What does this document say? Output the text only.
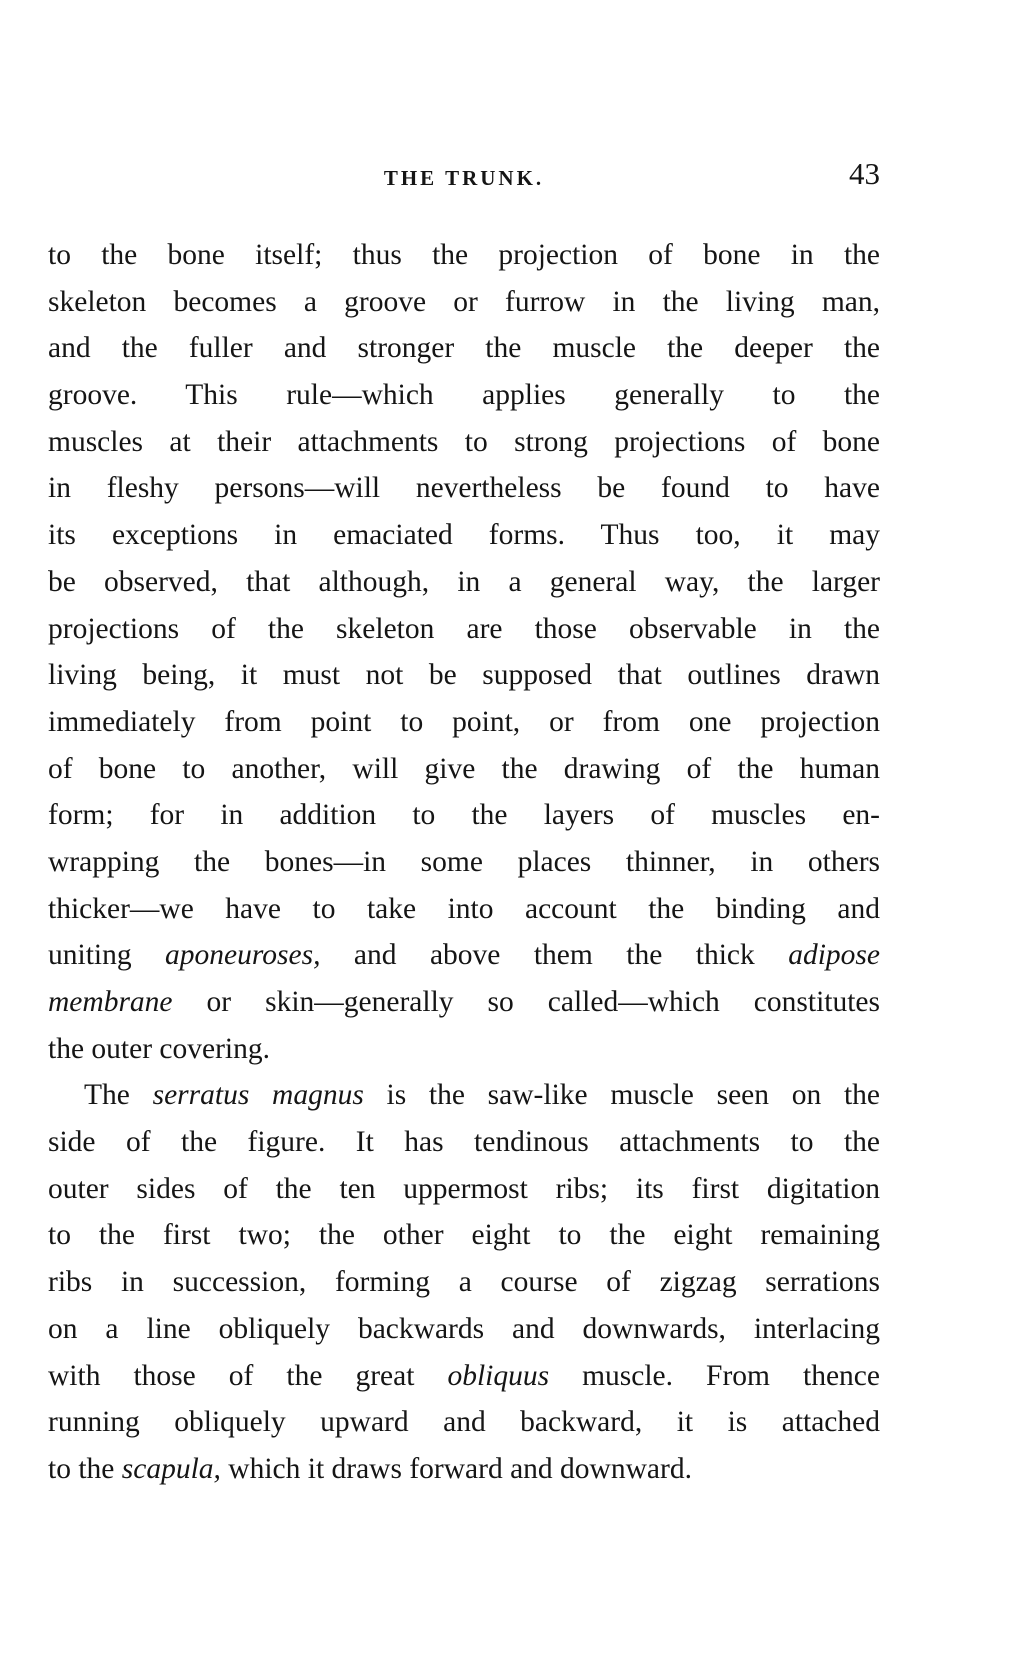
THE TRUNK.	43
to the bone itself; thus the projection of bone in the
skeleton becomes a groove or furrow in the living man,
and the fuller and stronger the muscle the deeper the
groove. This rule—which applies generally to the
muscles at their attachments to strong projections of bone
in fleshy persons—will nevertheless be found to have
its exceptions in emaciated forms. Thus too, it may
be observed, that although, in a general way, the larger
projections of the skeleton are those observable in the
living being, it must not be supposed that outlines drawn
immediately from point to point, or from one projection
of bone to another, will give the drawing of the human
form; for in addition to the layers of muscles en-
wrapping the bones—in some places thinner, in others
thicker—we have to take into account the binding and
uniting aponeuroses, and above them the thick adipose
membrane or skin—generally so called—which constitutes
the outer covering.
The serratus magnus is the saw-like muscle seen on the
side of the figure. It has tendinous attachments to the
outer sides of the ten uppermost ribs; its first digitation
to the first two; the other eight to the eight remaining
ribs in succession, forming a course of zigzag serrations
on a line obliquely backwards and downwards, interlacing
with those of the great obliquus muscle. From thence
running obliquely upward and backward, it is attached
to the scapula, which it draws forward and downward.
